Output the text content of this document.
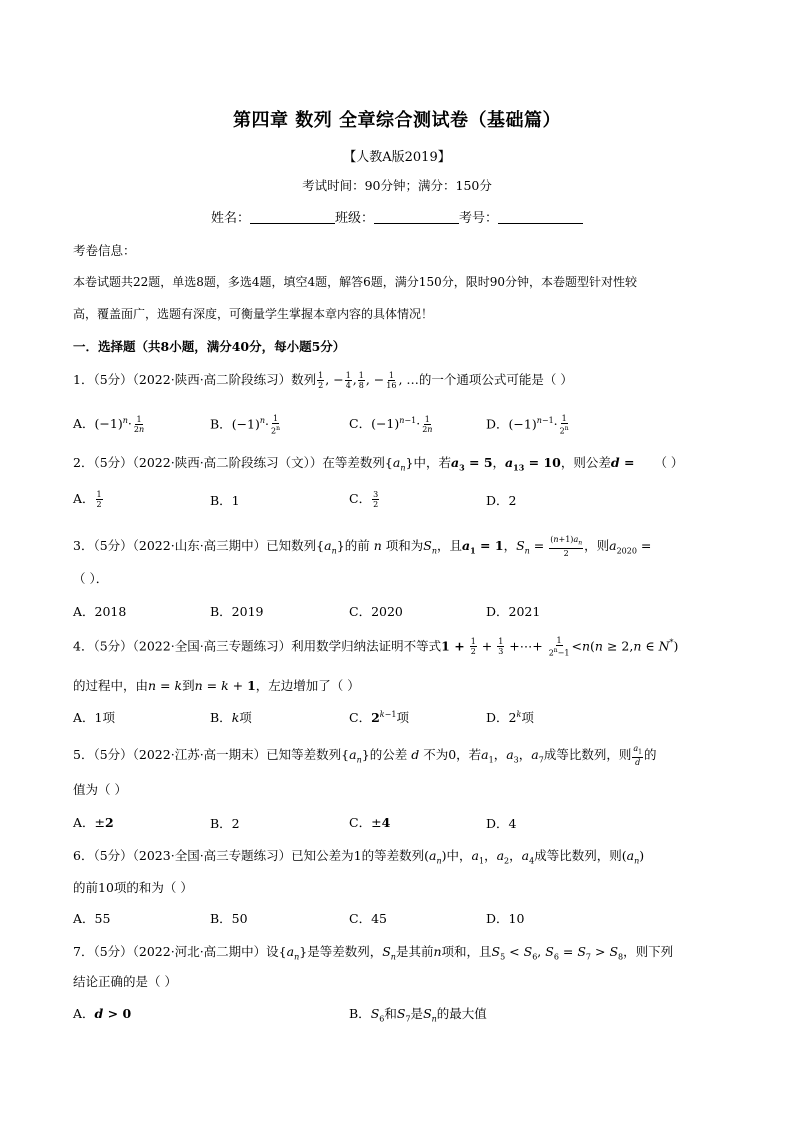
第四章 数列 全章综合测试卷（基础篇）
【人教A版2019】
考试时间：90分钟；满分：150分
姓名：	班级：	考号：
考卷信息：
本卷试题共22题，单选8题，多选4题，填空4题，解答6题，满分150分，限时90分钟，本卷题型针对性较
高，覆盖面广，选题有深度，可衡量学生掌握本章内容的具体情况！
一．选择题（共8小题，满分40分，每小题5分）
1．（5分）（2022·陕西·高二阶段练习）数列 $\frac{1}{2}$ , − $\frac{1}{4}$ , $\frac{1}{8}$ , − $\frac{1}{16}$ , …的一个通项公式可能是（ ）
A．$(-1)^n\cdot \frac{1}{2n}$	B．$(-1)^n\cdot \frac{1}{2^n}$	C．$(-1)^{n-1}\cdot \frac{1}{2n}$	D．$(-1)^{n-1}\cdot \frac{1}{2^n}$
2．（5分）（2022·陕西·高二阶段练习（文））在等差数列$\{a_n\}$中，若$a_3 = 5$，$a_{13} = 10$，则公差d = （ ）
A． $\frac{1}{2}$	B．1	C． $\frac{3}{2}$	D．2
3．（5分）（2022·山东·高三期中）已知数列$\{a_n\}$的前 n 项和为$S_n$，且$a_1 = 1$，$S_n = \frac{(n+1)a_n}{2}$ ，则$a_{2020}$ =
（ ）．
A．2018	B．2019	C．2020	D．2021
4．（5分）（2022·全国·高三专题练习）利用数学归纳法证明不等式$1 + \frac{1}{2} + \frac{1}{3}$ +⋯+ $\frac{1}{2^n-1} <n(n \ge 2,n$ ∈ N*)
的过程中，由n = k到n = k + 1，左边增加了（ ）
A．1项	B．k项	C．$2^{k-1}$项	D．2$^k$项
5．（5分）（2022·江苏·高一期末）已知等差数列$\{a_n\}$的公差 d 不为0，若$a_1$，$a_3$，$a_7$成等比数列，则 $\frac{a_1}{d}$ 的
值为（ ）
A．±2	B．2	C．±4	D．4
6．（5分）（2023·全国·高三专题练习）已知公差为1的等差数列$(a_n)$中，$a_1$，$a_2$，$a_4$成等比数列，则$(a_n)$
的前10项的和为（ ）
A．55	B．50	C．45	D．10
7．（5分）（2022·河北·高二期中）设$\{a_n\}$是等差数列，$S_n$是其前n项和，且$S_5 < S_6$, $S_6 = S_7 > S_8$，则下列
结论正确的是（ ）
A．d > 0	B．$S_6$和$S_7$是$S_n$的最大值
